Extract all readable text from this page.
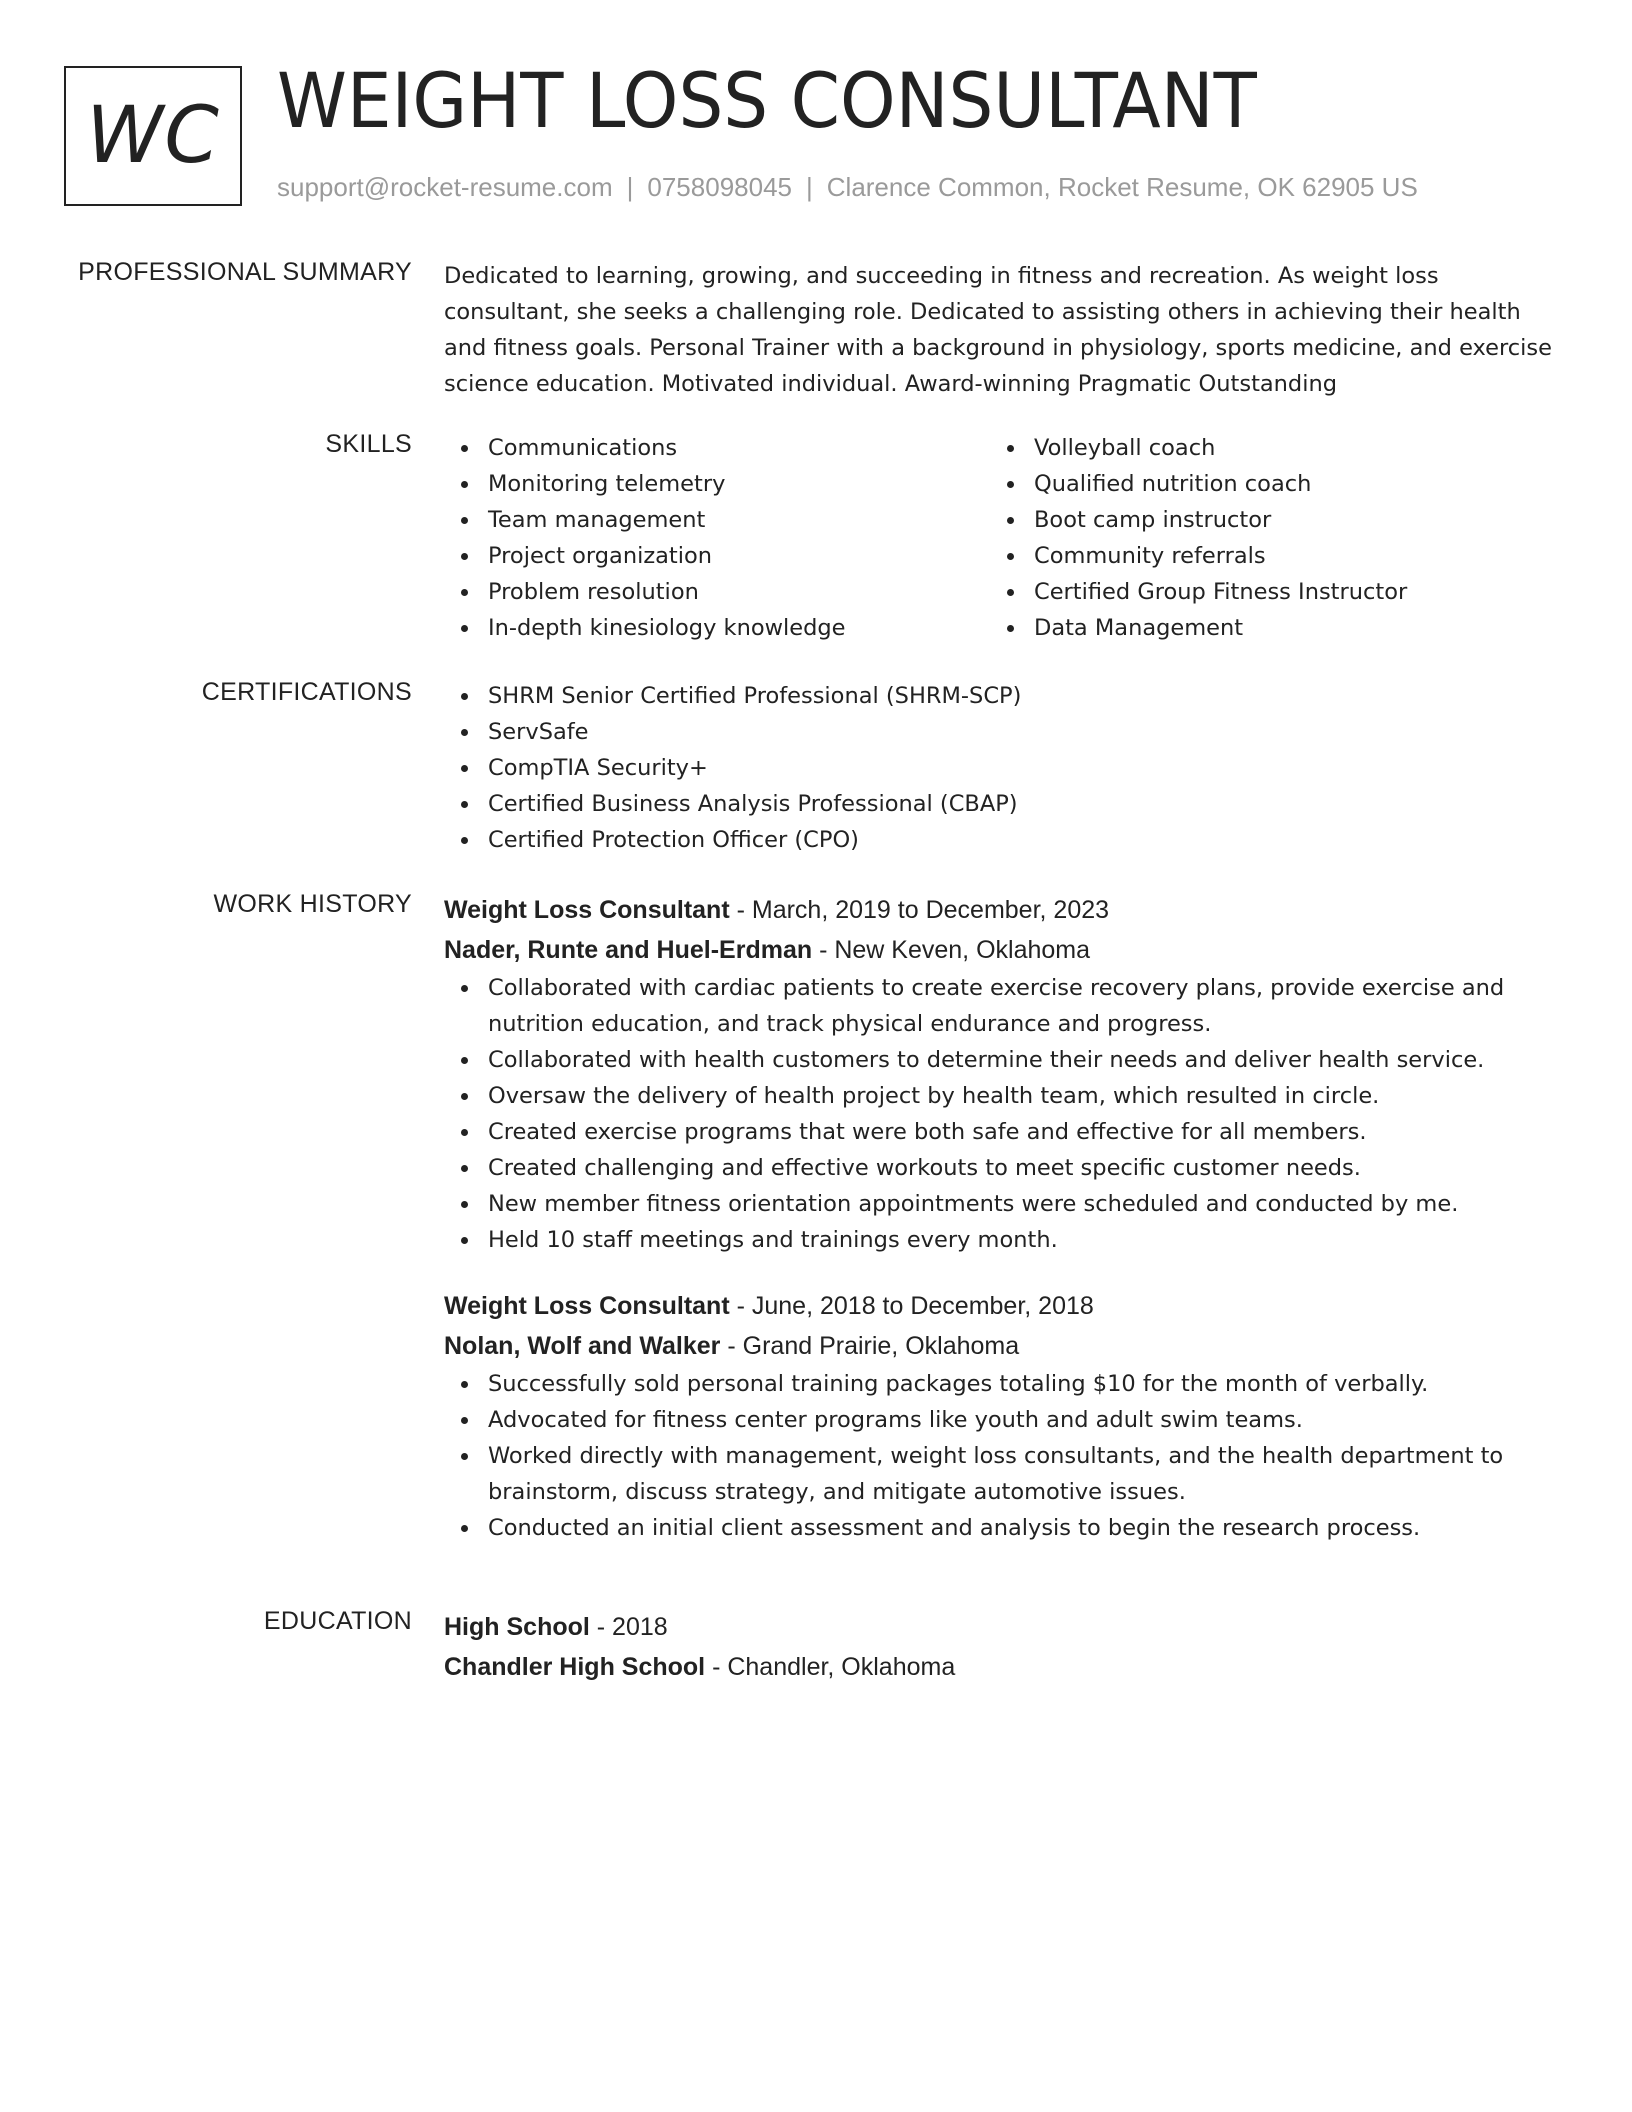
WC WEIGHT LOSS CONSULTANT
support@rocket-resume.com | 0758098045 | Clarence Common, Rocket Resume, OK 62905 US
PROFESSIONAL SUMMARY Dedicated to learning, growing, and succeeding in fitness and recreation. As weight loss consultant, she seeks a challenging role. Dedicated to assisting others in achieving their health and fitness goals. Personal Trainer with a background in physiology, sports medicine, and exercise science education. Motivated individual. Award-winning Pragmatic Outstanding

SKILLS	Communications
Monitoring telemetry
Team management
Project organization
Problem resolution
In-depth kinesiology knowledge
Volleyball coach
Qualified nutrition coach
Boot camp instructor
Community referrals
Certified Group Fitness Instructor
Data Management
CERTIFICATIONS	SHRM Senior Certified Professional (SHRM-SCP)
ServSafe
CompTIA Security+
Certified Business Analysis Professional (CBAP)
Certified Protection Officer (CPO)
WORK HISTORY Weight Loss Consultant - March, 2019 to December, 2023
Nader, Runte and Huel-Erdman - New Keven, Oklahoma
Collaborated with cardiac patients to create exercise recovery plans, provide exercise and nutrition education, and track physical endurance and progress.
Collaborated with health customers to determine their needs and deliver health service.
Oversaw the delivery of health project by health team, which resulted in circle.
Created exercise programs that were both safe and effective for all members.
Created challenging and effective workouts to meet specific customer needs.
New member fitness orientation appointments were scheduled and conducted by me.
Held 10 staff meetings and trainings every month.
Weight Loss Consultant - June, 2018 to December, 2018
Nolan, Wolf and Walker - Grand Prairie, Oklahoma
Successfully sold personal training packages totaling $10 for the month of verbally.
Advocated for fitness center programs like youth and adult swim teams.
Worked directly with management, weight loss consultants, and the health department to brainstorm, discuss strategy, and mitigate automotive issues.
Conducted an initial client assessment and analysis to begin the research process.
EDUCATION High School - 2018
Chandler High School - Chandler, Oklahoma
